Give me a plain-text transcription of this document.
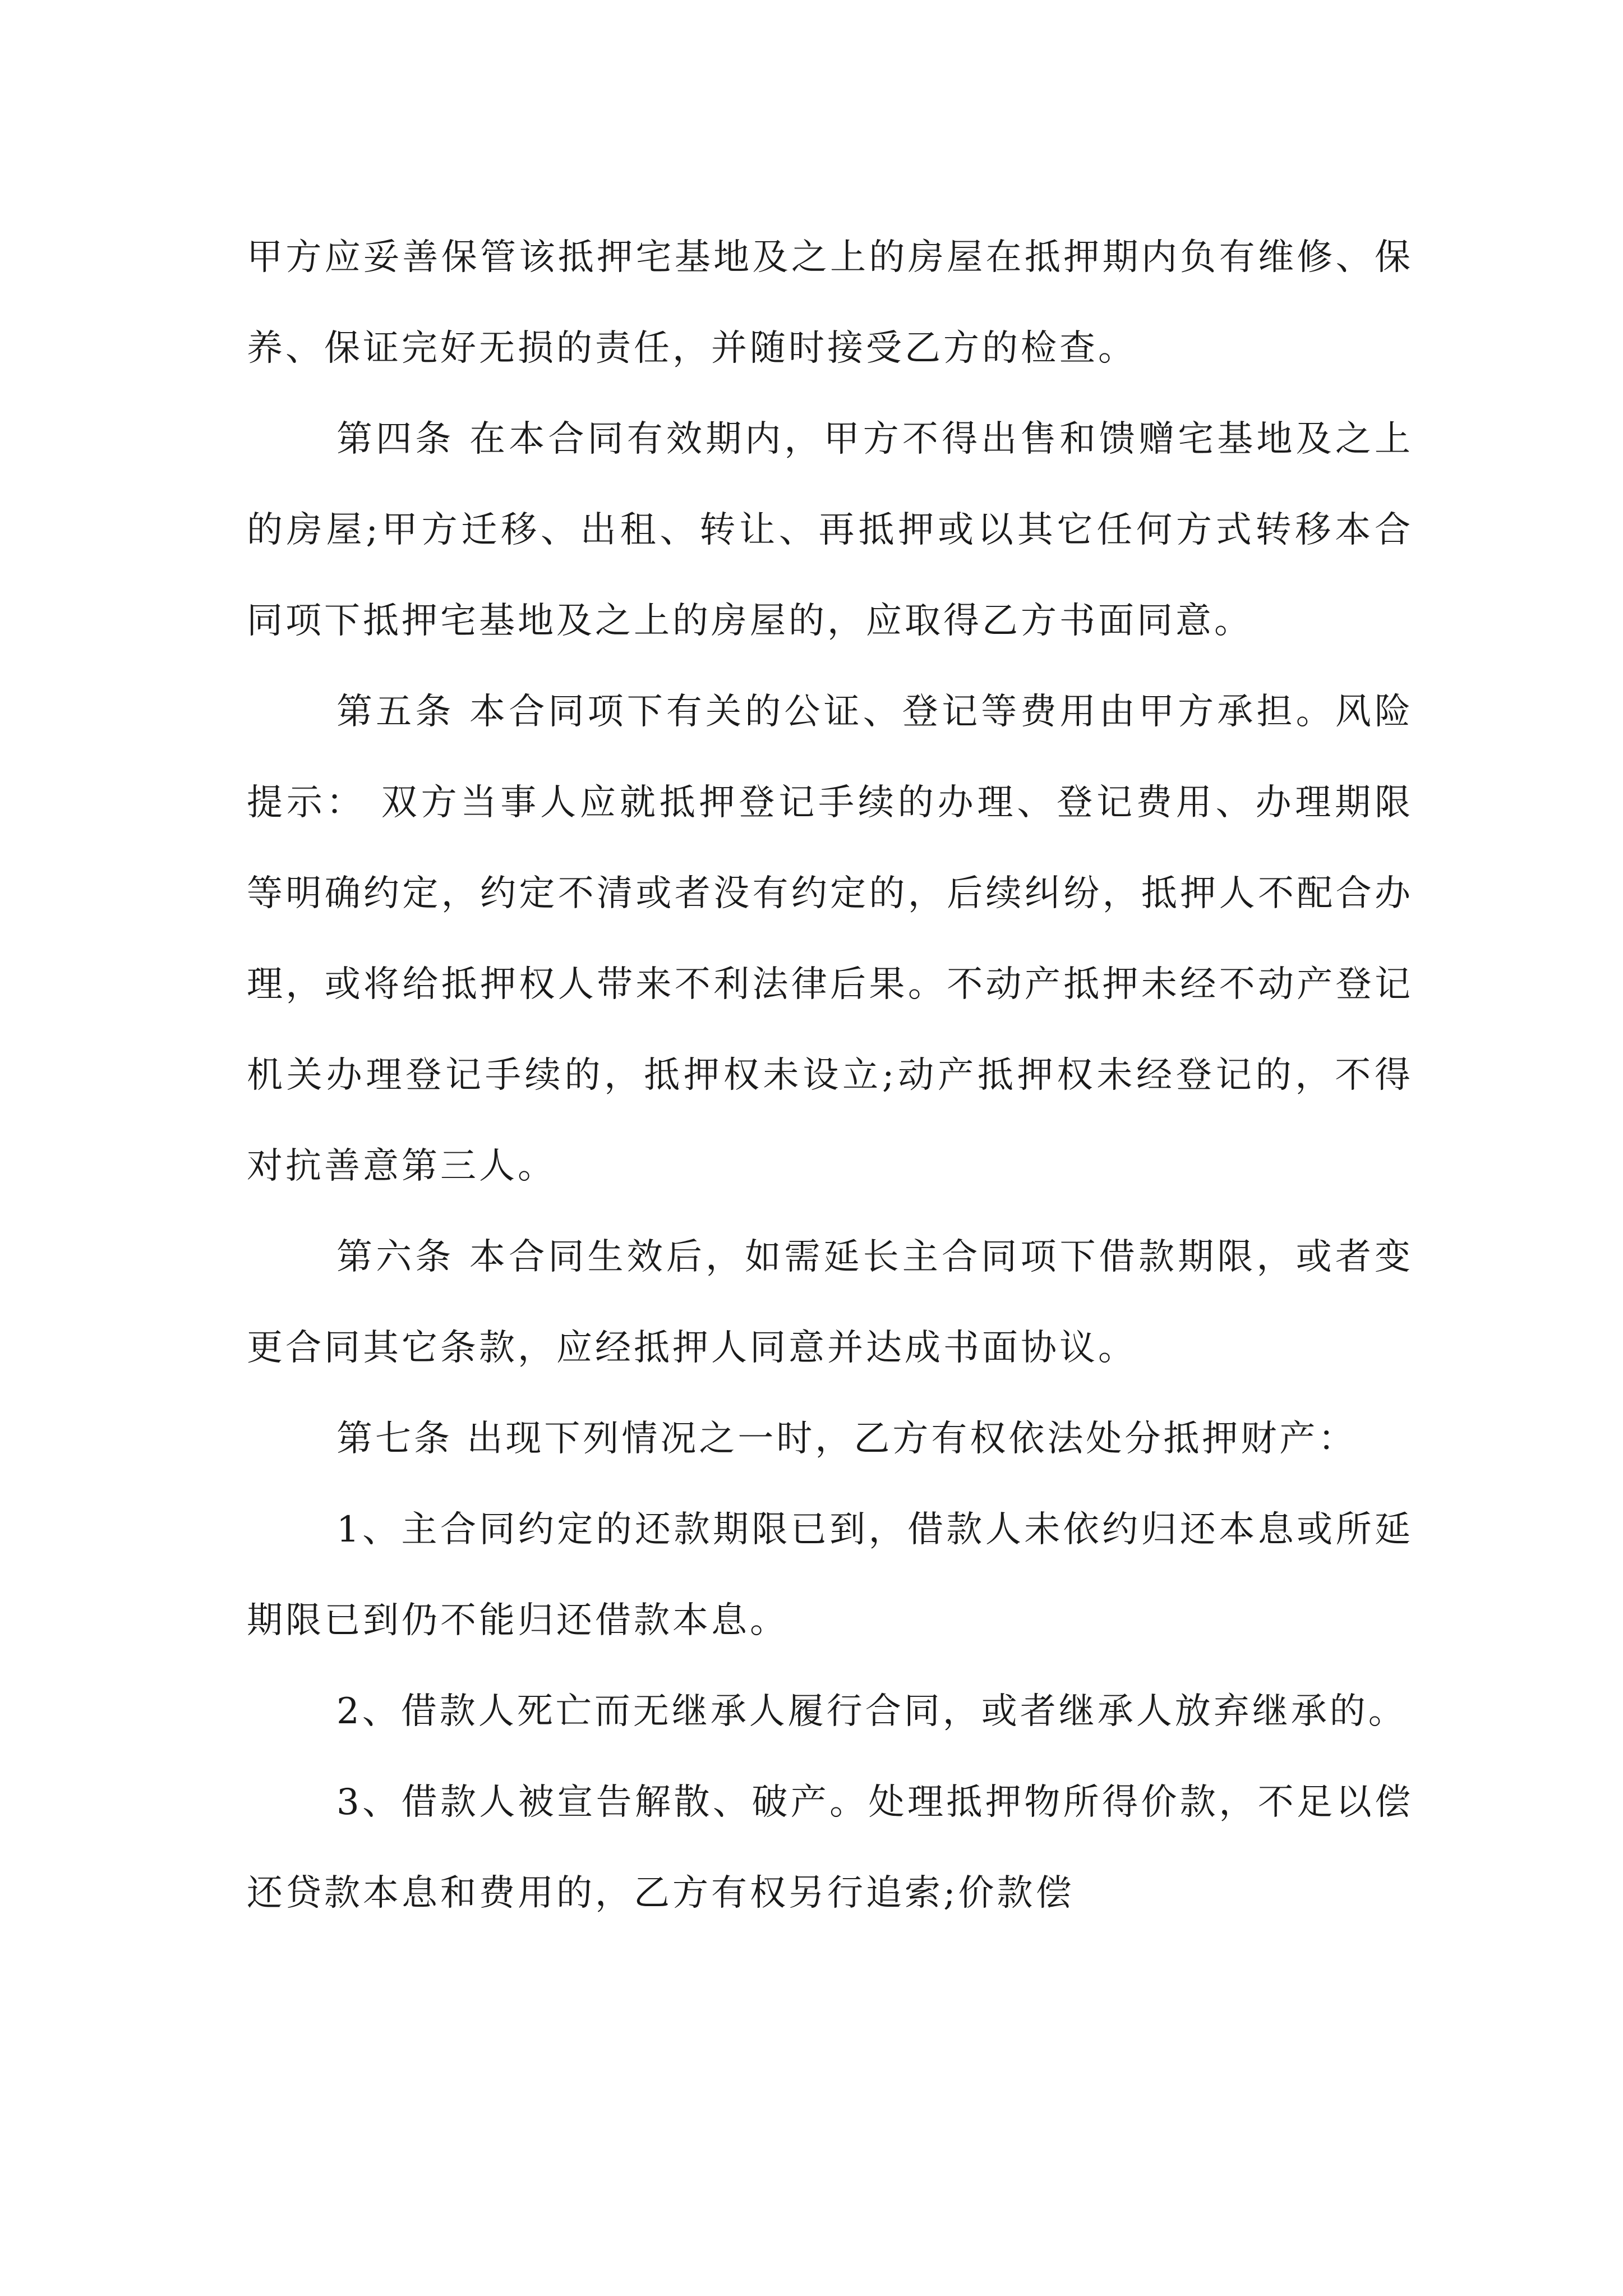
甲方应妥善保管该抵押宅基地及之上的房屋在抵押期内负有维修、保养、保证完好无损的责任，并随时接受乙方的检查。

第四条 在本合同有效期内，甲方不得出售和馈赠宅基地及之上的房屋;甲方迁移、出租、转让、再抵押或以其它任何方式转移本合同项下抵押宅基地及之上的房屋的，应取得乙方书面同意。

第五条 本合同项下有关的公证、登记等费用由甲方承担。风险提示： 双方当事人应就抵押登记手续的办理、登记费用、办理期限等明确约定，约定不清或者没有约定的，后续纠纷，抵押人不配合办理，或将给抵押权人带来不利法律后果。不动产抵押未经不动产登记机关办理登记手续的，抵押权未设立;动产抵押权未经登记的，不得对抗善意第三人。

第六条 本合同生效后，如需延长主合同项下借款期限，或者变更合同其它条款，应经抵押人同意并达成书面协议。

第七条 出现下列情况之一时，乙方有权依法处分抵押财产：

1、主合同约定的还款期限已到，借款人未依约归还本息或所延期限已到仍不能归还借款本息。

2、借款人死亡而无继承人履行合同，或者继承人放弃继承的。

3、借款人被宣告解散、破产。处理抵押物所得价款，不足以偿还贷款本息和费用的，乙方有权另行追索;价款偿
